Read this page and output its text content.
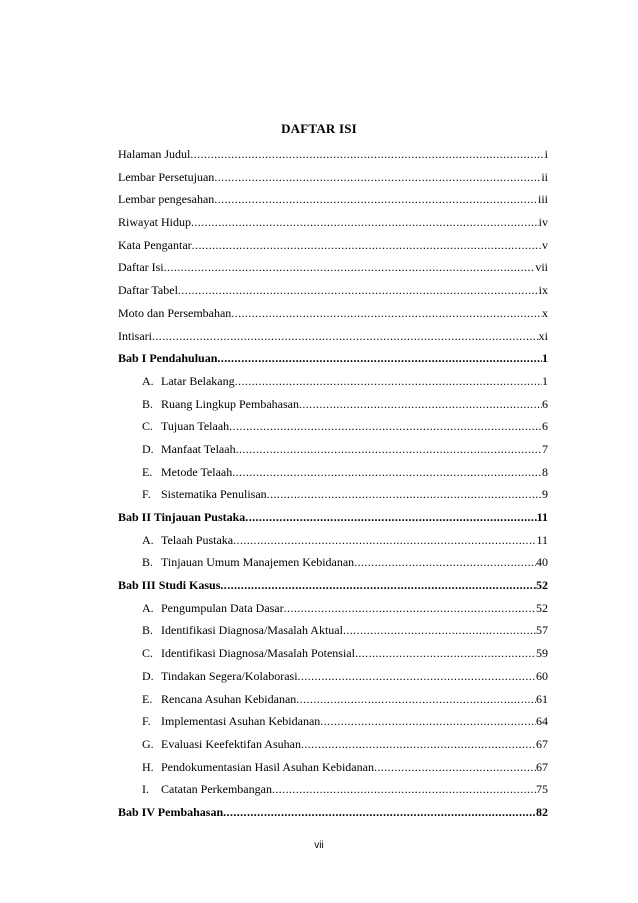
DAFTAR ISI
Halaman Judul .....	i
Lembar Persetujuan .....	ii
Lembar pengesahan .....	iii
Riwayat Hidup .....	iv
Kata Pengantar .....	v
Daftar Isi .....	vii
Daftar Tabel .....	ix
Moto dan Persembahan .....	x
Intisari .....	xi
Bab I Pendahuluan .....	1
A. Latar Belakang .....	1
B. Ruang Lingkup Pembahasan .....	6
C. Tujuan Telaah .....	6
D. Manfaat Telaah .....	7
E. Metode Telaah .....	8
F. Sistematika Penulisan .....	9
Bab II Tinjauan Pustaka .....	11
A. Telaah Pustaka .....	11
B. Tinjauan Umum Manajemen Kebidanan .....	40
Bab III Studi Kasus .....	52
A. Pengumpulan Data Dasar .....	52
B. Identifikasi Diagnosa/Masalah Aktual .....	57
C. Identifikasi Diagnosa/Masalah Potensial .....	59
D. Tindakan Segera/Kolaborasi .....	60
E. Rencana Asuhan Kebidanan .....	61
F. Implementasi Asuhan Kebidanan .....	64
G. Evaluasi Keefektifan Asuhan .....	67
H. Pendokumentasian Hasil Asuhan Kebidanan .....	67
I.	Catatan Perkembangan .....	75
Bab IV Pembahasan .....	82
vii
